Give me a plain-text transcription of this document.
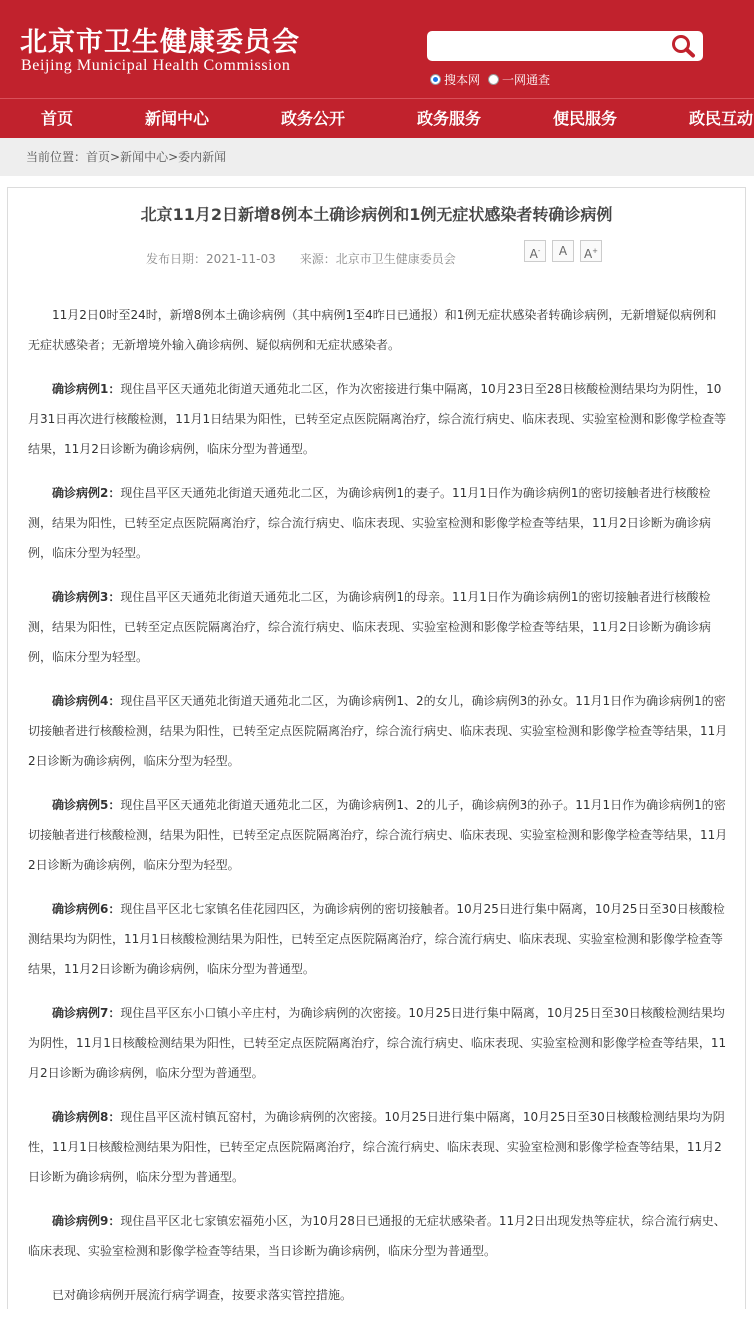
北京市卫生健康委员会
Beijing Municipal Health Commission
搜本网 一网通查
首页	新闻中心	政务公开	政务服务	便民服务	政民互动
当前位置：首页>新闻中心>委内新闻
北京11月2日新增8例本土确诊病例和1例无症状感染者转确诊病例
发布日期： 2021-11-03 来源： 北京市卫生健康委员会	A-	A	A+

11月2日0时至24时，新增8例本土确诊病例（其中病例1至4昨日已通报）和1例无症状感染者转确诊病例，无新增疑似病例和无症状感染者；无新增境外输入确诊病例、疑似病例和无症状感染者。

确诊病例1：现住昌平区天通苑北街道天通苑北二区，作为次密接进行集中隔离，10月23日至28日核酸检测结果均为阴性，10月31日再次进行核酸检测，11月1日结果为阳性，已转至定点医院隔离治疗，综合流行病史、临床表现、实验室检测和影像学检查等结果，11月2日诊断为确诊病例，临床分型为普通型。

确诊病例2：现住昌平区天通苑北街道天通苑北二区，为确诊病例1的妻子。11月1日作为确诊病例1的密切接触者进行核酸检测，结果为阳性，已转至定点医院隔离治疗，综合流行病史、临床表现、实验室检测和影像学检查等结果，11月2日诊断为确诊病例，临床分型为轻型。

确诊病例3：现住昌平区天通苑北街道天通苑北二区，为确诊病例1的母亲。11月1日作为确诊病例1的密切接触者进行核酸检测，结果为阳性，已转至定点医院隔离治疗，综合流行病史、临床表现、实验室检测和影像学检查等结果，11月2日诊断为确诊病例，临床分型为轻型。

确诊病例4：现住昌平区天通苑北街道天通苑北二区，为确诊病例1、2的女儿，确诊病例3的孙女。11月1日作为确诊病例1的密切接触者进行核酸检测，结果为阳性，已转至定点医院隔离治疗，综合流行病史、临床表现、实验室检测和影像学检查等结果，11月2日诊断为确诊病例，临床分型为轻型。

确诊病例5：现住昌平区天通苑北街道天通苑北二区，为确诊病例1、2的儿子，确诊病例3的孙子。11月1日作为确诊病例1的密切接触者进行核酸检测，结果为阳性，已转至定点医院隔离治疗，综合流行病史、临床表现、实验室检测和影像学检查等结果，11月2日诊断为确诊病例，临床分型为轻型。

确诊病例6：现住昌平区北七家镇名佳花园四区，为确诊病例的密切接触者。10月25日进行集中隔离，10月25日至30日核酸检测结果均为阴性，11月1日核酸检测结果为阳性，已转至定点医院隔离治疗，综合流行病史、临床表现、实验室检测和影像学检查等结果，11月2日诊断为确诊病例，临床分型为普通型。

确诊病例7：现住昌平区东小口镇小辛庄村，为确诊病例的次密接。10月25日进行集中隔离，10月25日至30日核酸检测结果均为阴性，11月1日核酸检测结果为阳性，已转至定点医院隔离治疗，综合流行病史、临床表现、实验室检测和影像学检查等结果，11月2日诊断为确诊病例，临床分型为普通型。

确诊病例8：现住昌平区流村镇瓦窑村，为确诊病例的次密接。10月25日进行集中隔离，10月25日至30日核酸检测结果均为阴性，11月1日核酸检测结果为阳性，已转至定点医院隔离治疗，综合流行病史、临床表现、实验室检测和影像学检查等结果，11月2日诊断为确诊病例，临床分型为普通型。

确诊病例9：现住昌平区北七家镇宏福苑小区，为10月28日已通报的无症状感染者。11月2日出现发热等症状，综合流行病史、临床表现、实验室检测和影像学检查等结果，当日诊断为确诊病例，临床分型为普通型。

已对确诊病例开展流行病学调查，按要求落实管控措施。
